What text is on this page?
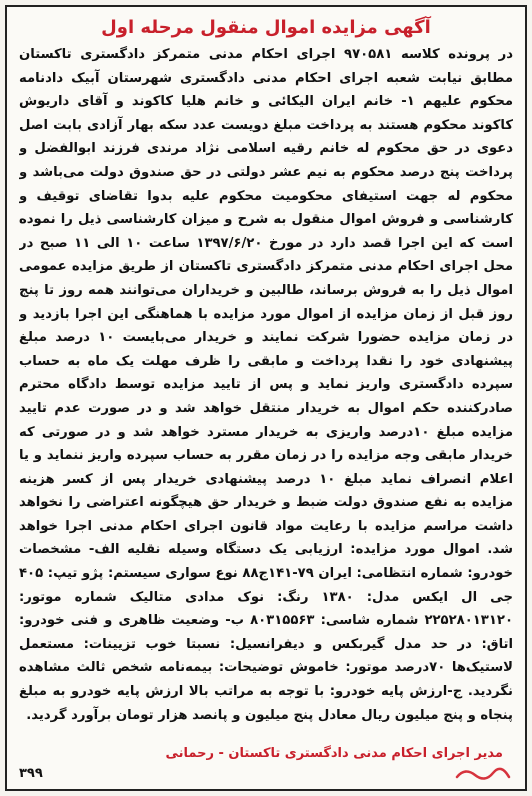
آگهی مزایده اموال منقول مرحله اول

در پرونده کلاسه ۹۷۰۵۸۱ اجرای احکام مدنی متمرکز دادگستری تاکستان مطابق نیابت شعبه اجرای احکام مدنی دادگستری شهرستان آبیک دادنامه محکوم علیهم ۱- خانم ایران الیکائی و خانم هلیا کاکوند و آقای داریوش کاکوند محکوم هستند به پرداخت مبلغ دویست عدد سکه بهار آزادی بابت اصل دعوی در حق محکوم له خانم رقیه اسلامی نژاد مرندی فرزند ابوالفضل و پرداخت پنج درصد محکوم به نیم عشر دولتی در حق صندوق دولت می‌باشد و محکوم له جهت استیفای محکومیت محکوم علیه بدوا تقاضای توقیف و کارشناسی و فروش اموال منقول به شرح و میزان کارشناسی ذیل را نموده است که این اجرا قصد دارد در مورخ ۱۳۹۷/۶/۲۰ ساعت ۱۰ الی ۱۱ صبح در محل اجرای احکام مدنی متمرکز دادگستری تاکستان از طریق مزایده عمومی اموال ذیل را به فروش برساند، طالبین و خریداران می‌توانند همه روز تا پنج روز قبل از زمان مزایده از اموال مورد مزایده با هماهنگی این اجرا بازدید و در زمان مزایده حضورا شرکت نمایند و خریدار می‌بایست ۱۰ درصد مبلغ پیشنهادی خود را نقدا پرداخت و مابقی را ظرف مهلت یک ماه به حساب سپرده دادگستری واریز نماید و پس از تایید مزایده توسط دادگاه محترم صادرکننده حکم اموال به خریدار منتقل خواهد شد و در صورت عدم تایید مزایده مبلغ ۱۰درصد واریزی به خریدار مسترد خواهد شد و در صورتی که خریدار مابقی وجه مزایده را در زمان مقرر به حساب سپرده واریز ننماید و یا اعلام انصراف نماید مبلغ ۱۰ درصد پیشنهادی خریدار پس از کسر هزینه مزایده به نفع صندوق دولت ضبط و خریدار حق هیچگونه اعتراضی را نخواهد داشت مراسم مزایده با رعایت مواد قانون اجرای احکام مدنی اجرا خواهد شد. اموال مورد مزایده: ارزیابی یک دستگاه وسیله نقلیه الف- مشخصات خودرو: شماره انتظامی: ایران ۷۹-۱۴۱ج۸۸ نوع سواری سیستم: پژو تیپ: ۴۰۵ جی ال ایکس مدل: ۱۳۸۰ رنگ: نوک مدادی متالیک شماره موتور: ۲۲۵۲۸۰۱۳۱۲۰ شماره شاسی: ۸۰۳۱۵۵۶۳ ب- وضعیت ظاهری و فنی خودرو: اتاق: در حد مدل گیربکس و دیفرانسیل: نسبتا خوب تزیینات: مستعمل لاستیک‌ها ۷۰درصد موتور: خاموش توضیحات: بیمه‌نامه شخص ثالث مشاهده نگردید. ج-ارزش پایه خودرو: با توجه به مراتب بالا ارزش پایه خودرو به مبلغ پنجاه و پنج میلیون ریال معادل پنج میلیون و پانصد هزار تومان برآورد گردید.

مدیر اجرای احکام مدنی دادگستری تاکستان - رحمانی
۳۹۹
